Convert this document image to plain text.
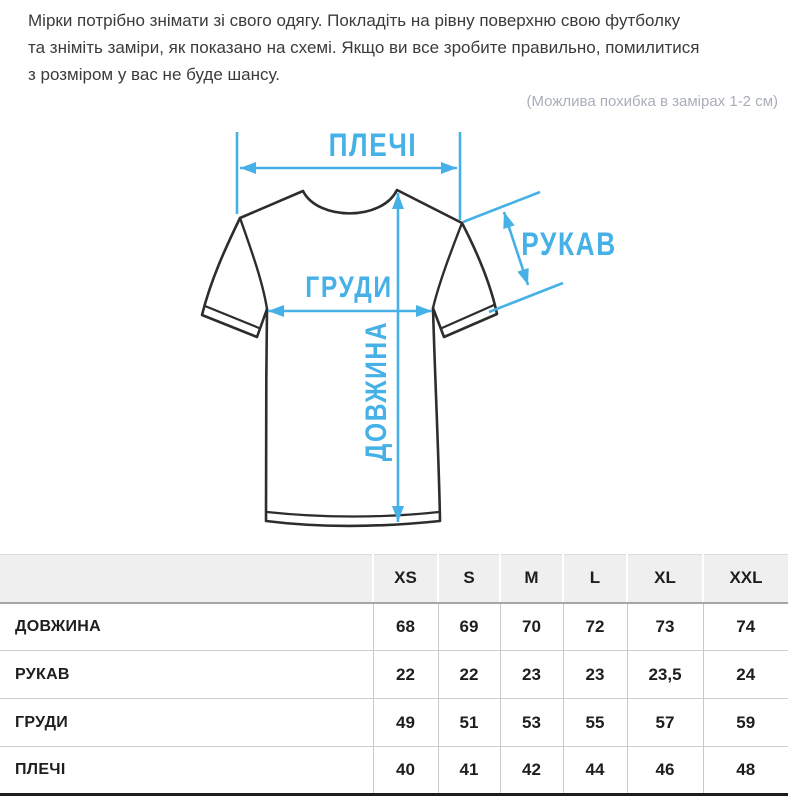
Мірки потрібно знімати зі свого одягу. Покладіть на рівну поверхню свою футболку
та зніміть заміри, як показано на схемі. Якщо ви все зробите правильно, помилитися
з розміром у вас не буде шансу.
(Можлива похибка в замірах 1-2 см)
ПЛЕЧІ
РУКАВ
ГРУДИ
ДОВЖИНА
	XS	S	M	L	XL	XXL
ДОВЖИНА	68	69	70	72	73	74
РУКАВ	22	22	23	23	23,5	24
ГРУДИ	49	51	53	55	57	59
ПЛЕЧІ	40	41	42	44	46	48
